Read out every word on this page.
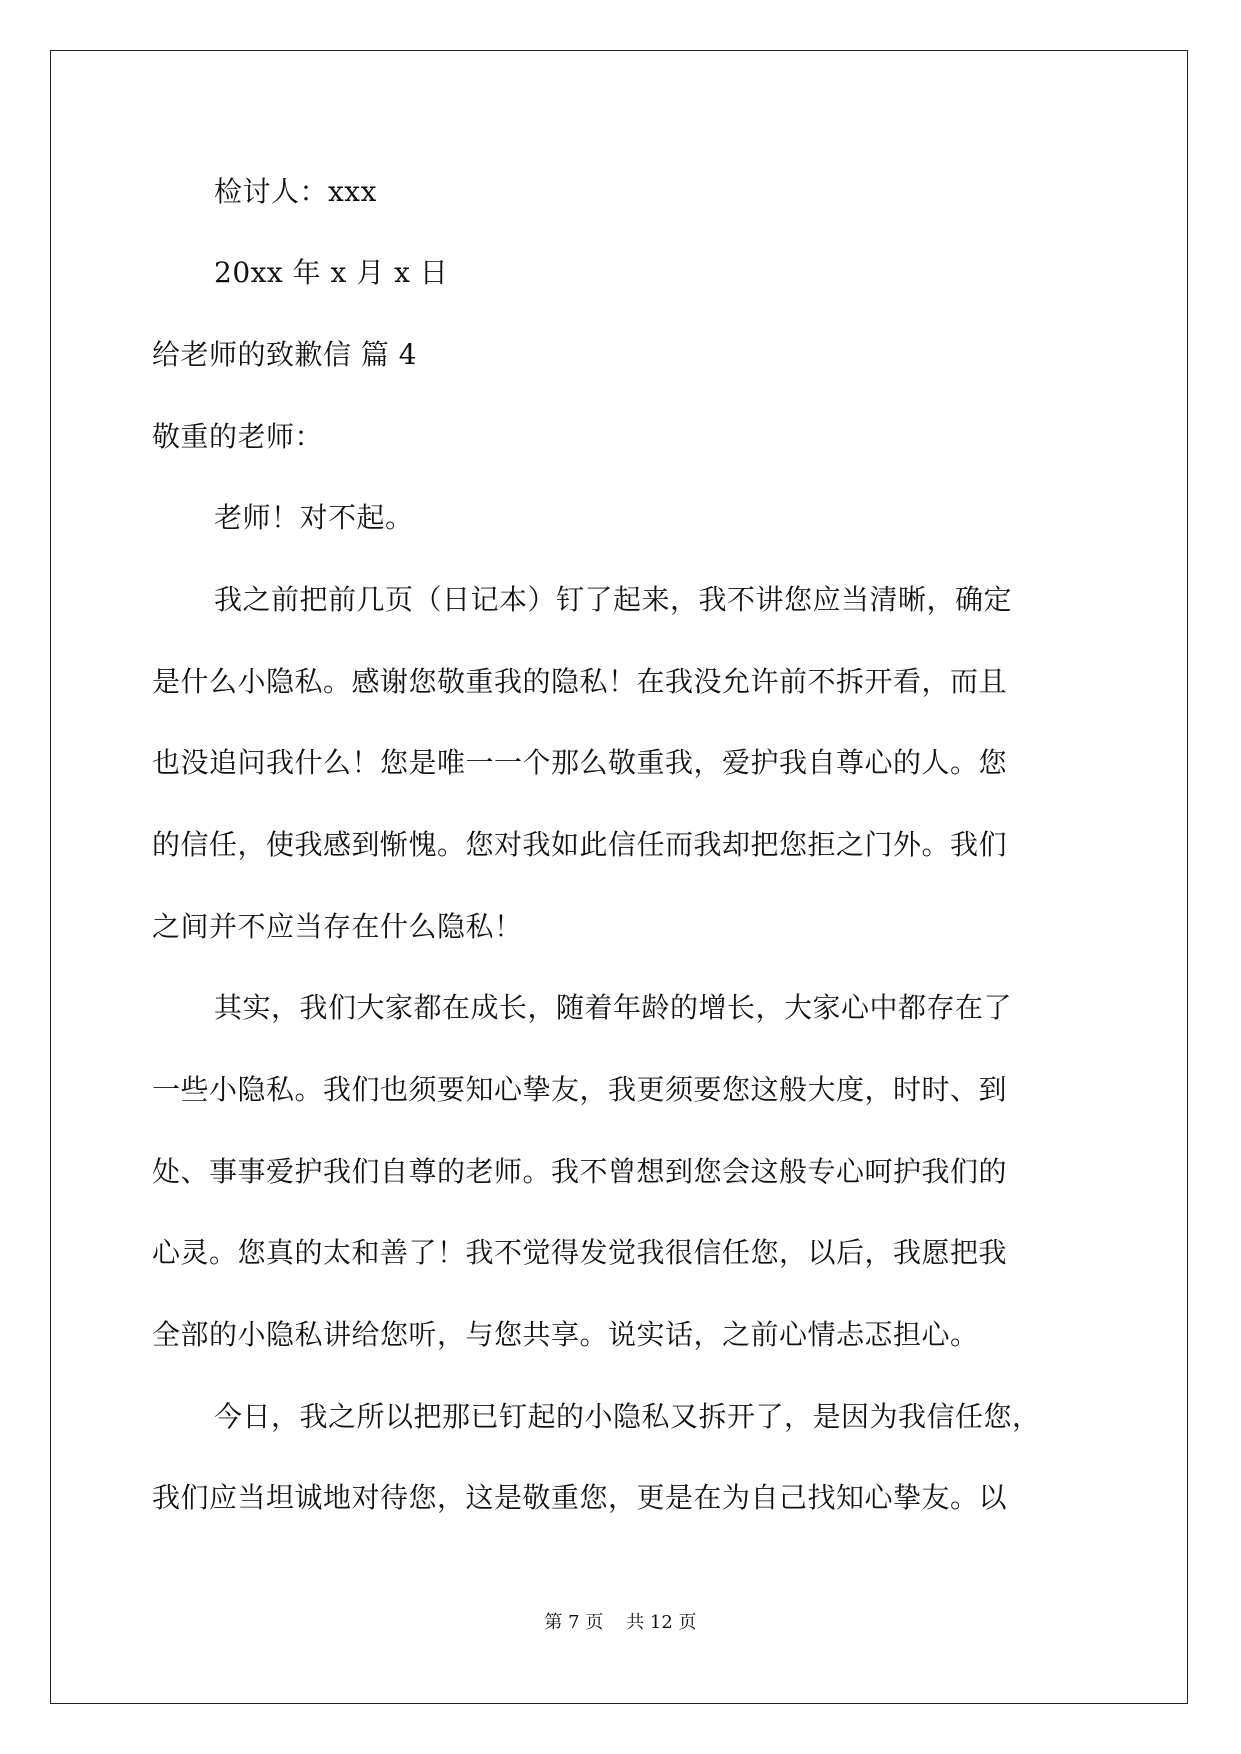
检讨人：xxx
20xx 年 x 月 x 日
给老师的致歉信 篇 4
敬重的老师：
老师！对不起。
我之前把前几页（日记本）钉了起来，我不讲您应当清晰，确定
是什么小隐私。感谢您敬重我的隐私！在我没允许前不拆开看，而且
也没追问我什么！您是唯一一个那么敬重我，爱护我自尊心的人。您
的信任，使我感到惭愧。您对我如此信任而我却把您拒之门外。我们
之间并不应当存在什么隐私！
其实，我们大家都在成长，随着年龄的增长，大家心中都存在了
一些小隐私。我们也须要知心挚友，我更须要您这般大度，时时、到
处、事事爱护我们自尊的老师。我不曾想到您会这般专心呵护我们的
心灵。您真的太和善了！我不觉得发觉我很信任您，以后，我愿把我
全部的小隐私讲给您听，与您共享。说实话，之前心情忐忑担心。
今日，我之所以把那已钉起的小隐私又拆开了，是因为我信任您，
我们应当坦诚地对待您，这是敬重您，更是在为自己找知心挚友。以
第 7 页    共 12 页
